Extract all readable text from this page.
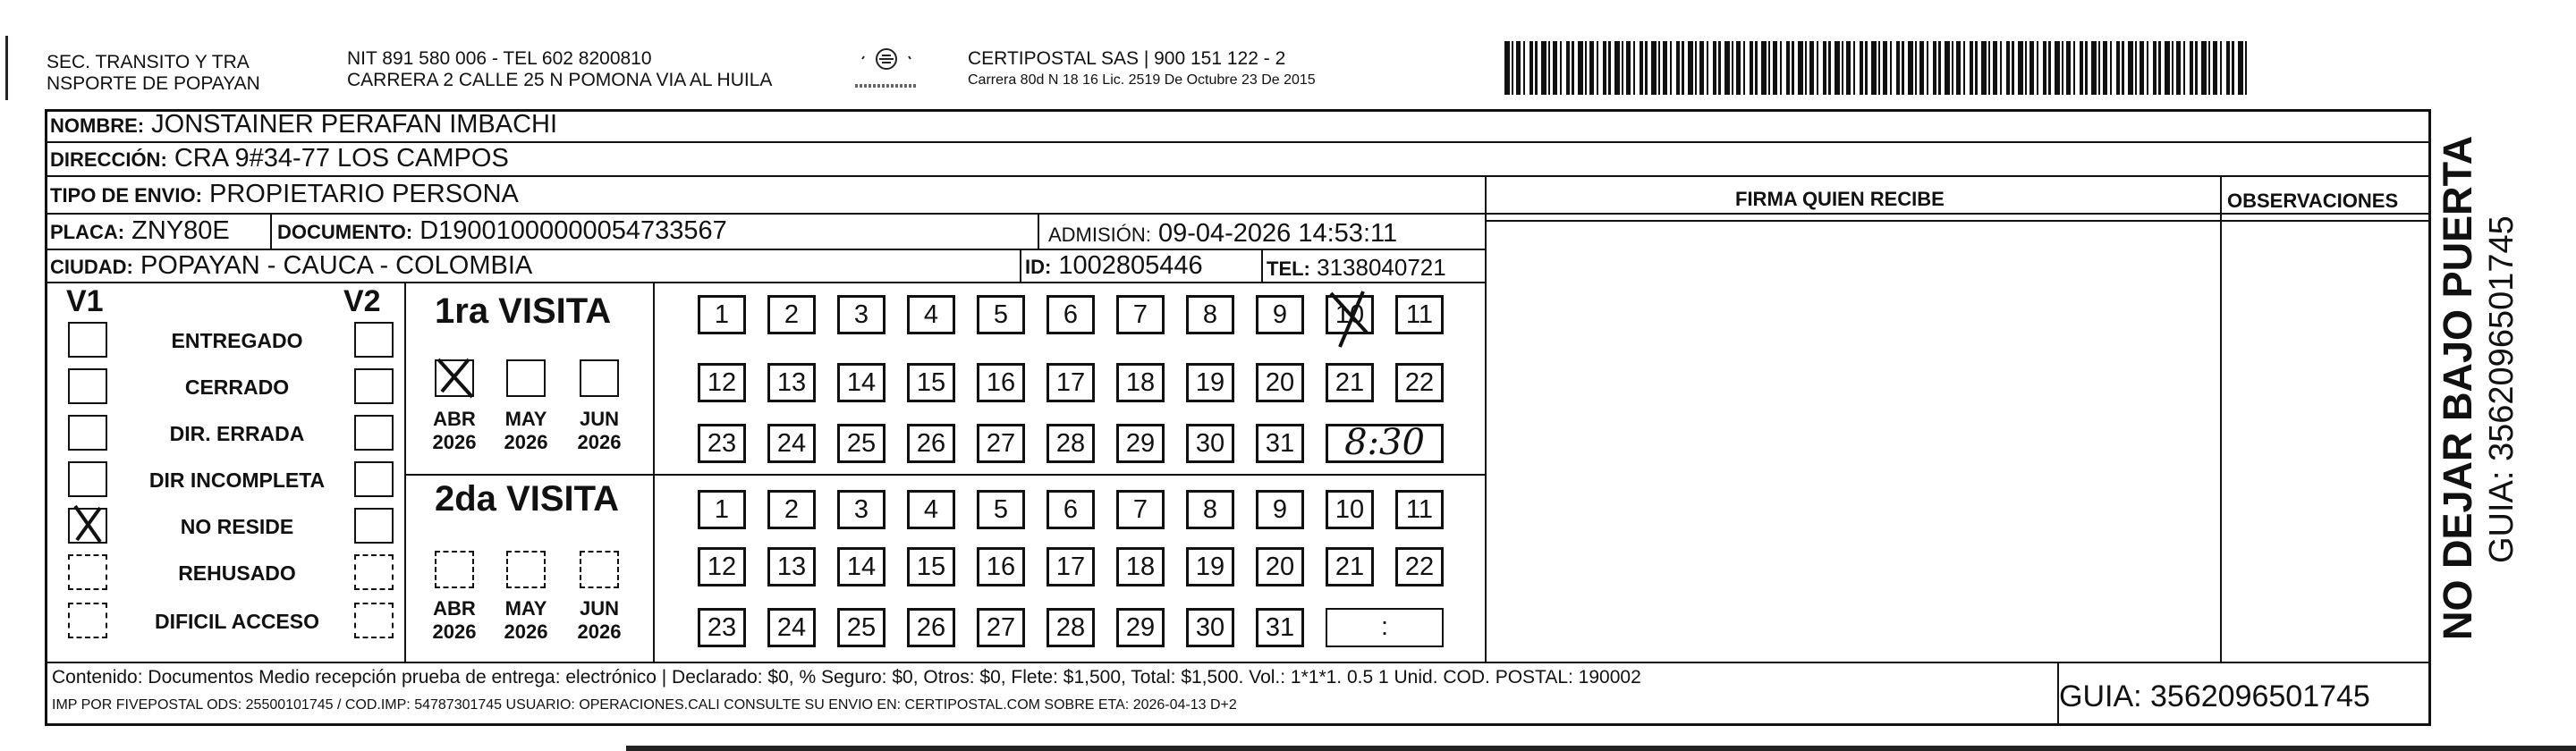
SEC. TRANSITO Y TRA
NSPORTE DE POPAYAN
NIT 891 580 006 - TEL 602 8200810
CARRERA 2 CALLE 25 N POMONA VIA AL HUILA
CERTIPOSTAL SAS | 900 151 122 - 2
Carrera 80d N 18 16 Lic. 2519 De Octubre 23 De 2015
NOMBRE: JONSTAINER PERAFAN IMBACHI
DIRECCIÓN: CRA 9#34-77 LOS CAMPOS
TIPO DE ENVIO: PROPIETARIO PERSONA
PLACA: ZNY80E DOCUMENTO: D19001000000054733567	ADMISIÓN: 09-04-2026 14:53:11
CIUDAD: POPAYAN - CAUCA - COLOMBIA	ID: 1002805446	TEL: 3138040721
FIRMA QUIEN RECIBE	OBSERVACIONES
V1	V2
ENTREGADO
CERRADO
DIR. ERRADA
DIR INCOMPLETA
NO RESIDE
REHUSADO
DIFICIL ACCESO
1ra VISITA
ABR
2026
MAY
2026
JUN
2026
2da VISITA
ABR
2026
MAY
2026
JUN
2026
1	2	3	4	5	6	7	8	9	10	11
12	13	14	15	16	17	18	19	20	21	22
23	24	25	26	27	28	29	30	31	8:30
1	2	3	4	5	6	7	8	9	10	11
12	13	14	15	16	17	18	19	20	21	22
23	24	25	26	27	28	29	30	31	:
Contenido: Documentos Medio recepción prueba de entrega: electrónico | Declarado: $0, % Seguro: $0, Otros: $0, Flete: $1,500, Total: $1,500. Vol.: 1*1*1. 0.5 1 Unid. COD. POSTAL: 190002
IMP POR FIVEPOSTAL ODS: 25500101745 / COD.IMP: 54787301745 USUARIO: OPERACIONES.CALI CONSULTE SU ENVIO EN: CERTIPOSTAL.COM SOBRE ETA: 2026-04-13 D+2	GUIA: 3562096501745
NO DEJAR BAJO PUERTA GUIA: 3562096501745
